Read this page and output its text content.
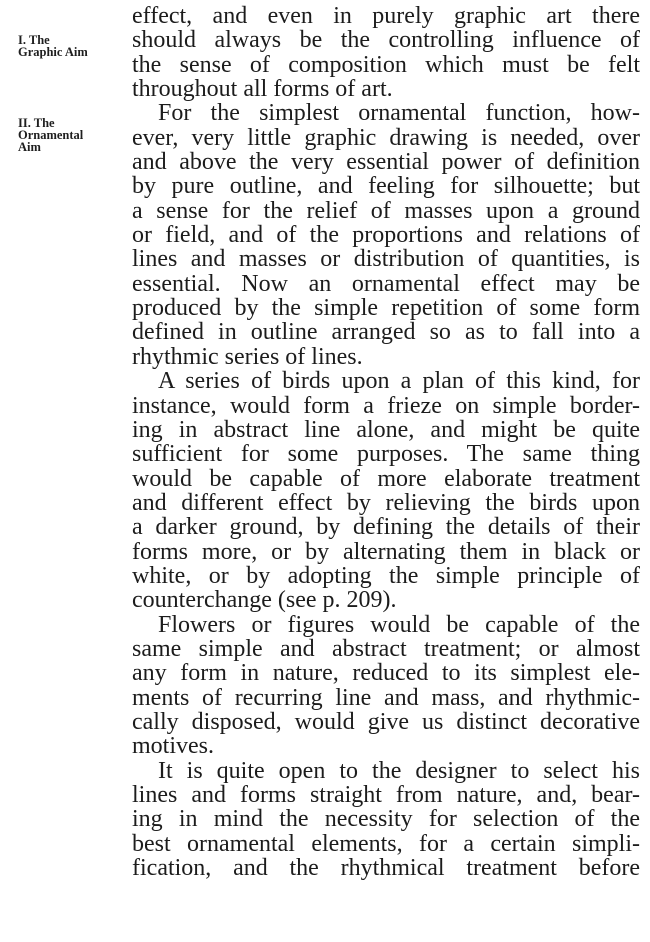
I. The
Graphic Aim
II. The
Ornamental
Aim
effect, and even in purely graphic art there
should always be the controlling influence of
the sense of composition which must be felt
throughout all forms of art.
For the simplest ornamental function, how-
ever, very little graphic drawing is needed, over
and above the very essential power of definition
by pure outline, and feeling for silhouette; but
a sense for the relief of masses upon a ground
or field, and of the proportions and relations of
lines and masses or distribution of quantities, is
essential. Now an ornamental effect may be
produced by the simple repetition of some form
defined in outline arranged so as to fall into a
rhythmic series of lines.
A series of birds upon a plan of this kind, for
instance, would form a frieze on simple border-
ing in abstract line alone, and might be quite
sufficient for some purposes. The same thing
would be capable of more elaborate treatment
and different effect by relieving the birds upon
a darker ground, by defining the details of their
forms more, or by alternating them in black or
white, or by adopting the simple principle of
counterchange (see p. 209).
Flowers or figures would be capable of the
same simple and abstract treatment; or almost
any form in nature, reduced to its simplest ele-
ments of recurring line and mass, and rhythmic-
cally disposed, would give us distinct decorative
motives.
It is quite open to the designer to select his
lines and forms straight from nature, and, bear-
ing in mind the necessity for selection of the
best ornamental elements, for a certain simpli-
fication, and the rhythmical treatment before
